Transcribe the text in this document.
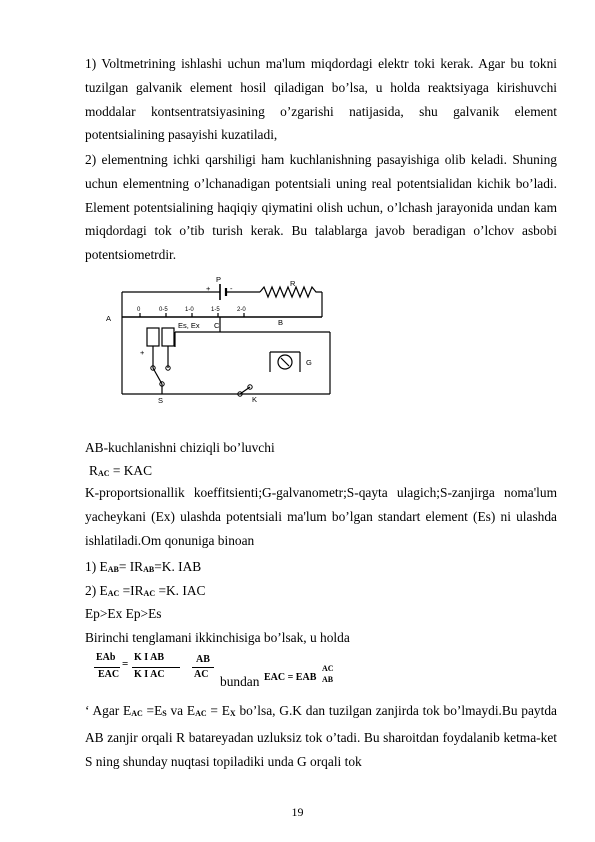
1) Voltmetrining ishlashi uchun ma'lum miqdordagi elektr toki kerak. Agar bu tokni tuzilgan galvanik element hosil qiladigan bo’lsa, u holda reaktsiyaga kirishuvchi moddalar kontsentratsiyasining o’zgarishi natijasida, shu galvanik element potentsialining pasayishi kuzatiladi,

2) elementning ichki qarshiligi ham kuchlanishning pasayishiga olib keladi. Shuning uchun elementning o’lchanadigan potentsiali uning real potentsialidan kichik bo’ladi. Element potentsialining haqiqiy qiymatini olish uchun, o’lchash jarayonida undan kam miqdordagi tok o’tib turish kerak. Bu talablarga javob beradigan o’lchov asbobi potentsiometrdir.

P
+	-
R
A	B
C
Es, Ex
0	0-5	1-0	1-5	2-0
G
S	K
+
AB-kuchlanishni chiziqli bo’luvchi
RAC = KAC

K-proportsionallik koeffitsienti;G-galvanometr;S-qayta ulagich;S-zanjirga noma'lum yacheykani (Ex) ulashda potentsiali ma'lum bo’lgan standart element (Es) ni ulashda ishlatiladi.Om qonuniga binoan

1) EAB= IRAB=K. IAB
2) EAC =IRAC =K. IAC
Ep>Ex Ep>Es
Birinchi tenglamani ikkinchisiga bo’lsak, u holda
EAb
EAC
=
K I AB
K I AC
AB
AC bundan EAC = EAB
AC
AB

‘ Agar EAC =ES va EAC = EX bo’lsa, G.K dan tuzilgan zanjirda tok bo’lmaydi.Bu paytda AB zanjir orqali R batareyadan uzluksiz tok o’tadi. Bu sharoitdan foydalanib ketma-ket S ning shunday nuqtasi topiladiki unda G orqali tok

19
